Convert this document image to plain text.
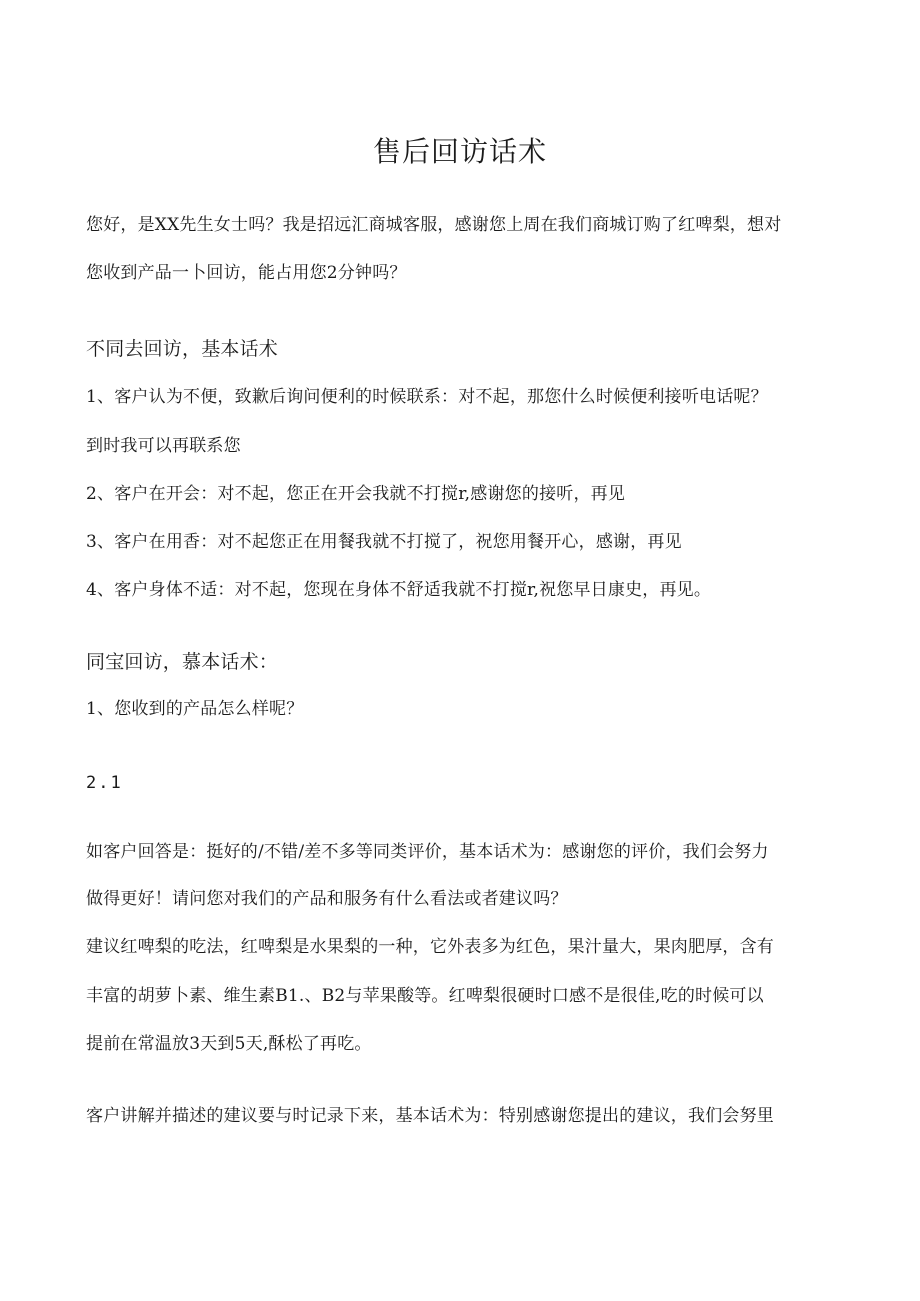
售后回访话术
您好，是XX先生女士吗？我是招远汇商城客服，感谢您上周在我们商城订购了红啤梨，想对
您收到产品一卜回访，能占用您2分钟吗？
不同去回访，基本话术
1、客户认为不便，致歉后询问便利的时候联系：对不起，那您什么时候便利接听电话呢？
到时我可以再联系您
2、客户在开会：对不起，您正在开会我就不打搅r,感谢您的接听，再见
3、客户在用香：对不起您正在用餐我就不打搅了，祝您用餐开心，感谢，再见
4、客户身体不适：对不起，您现在身体不舒适我就不打搅r,祝您早日康史，再见。
同宝回访，慕本话术：
1、您收到的产品怎么样呢？
2.1
如客户回答是：挺好的/不错/差不多等同类评价，基本话术为：感谢您的评价，我们会努力
做得更好！请问您对我们的产品和服务有什么看法或者建议吗？
建议红啤梨的吃法，红啤梨是水果梨的一种，它外表多为红色，果汁量大，果肉肥厚，含有
丰富的胡萝卜素、维生素B1.、B2与苹果酸等。红啤梨很硬时口感不是很佳,吃的时候可以
提前在常温放3天到5天,酥松了再吃。
客户讲解并描述的建议要与时记录下来，基本话术为：特别感谢您提出的建议，我们会努里
